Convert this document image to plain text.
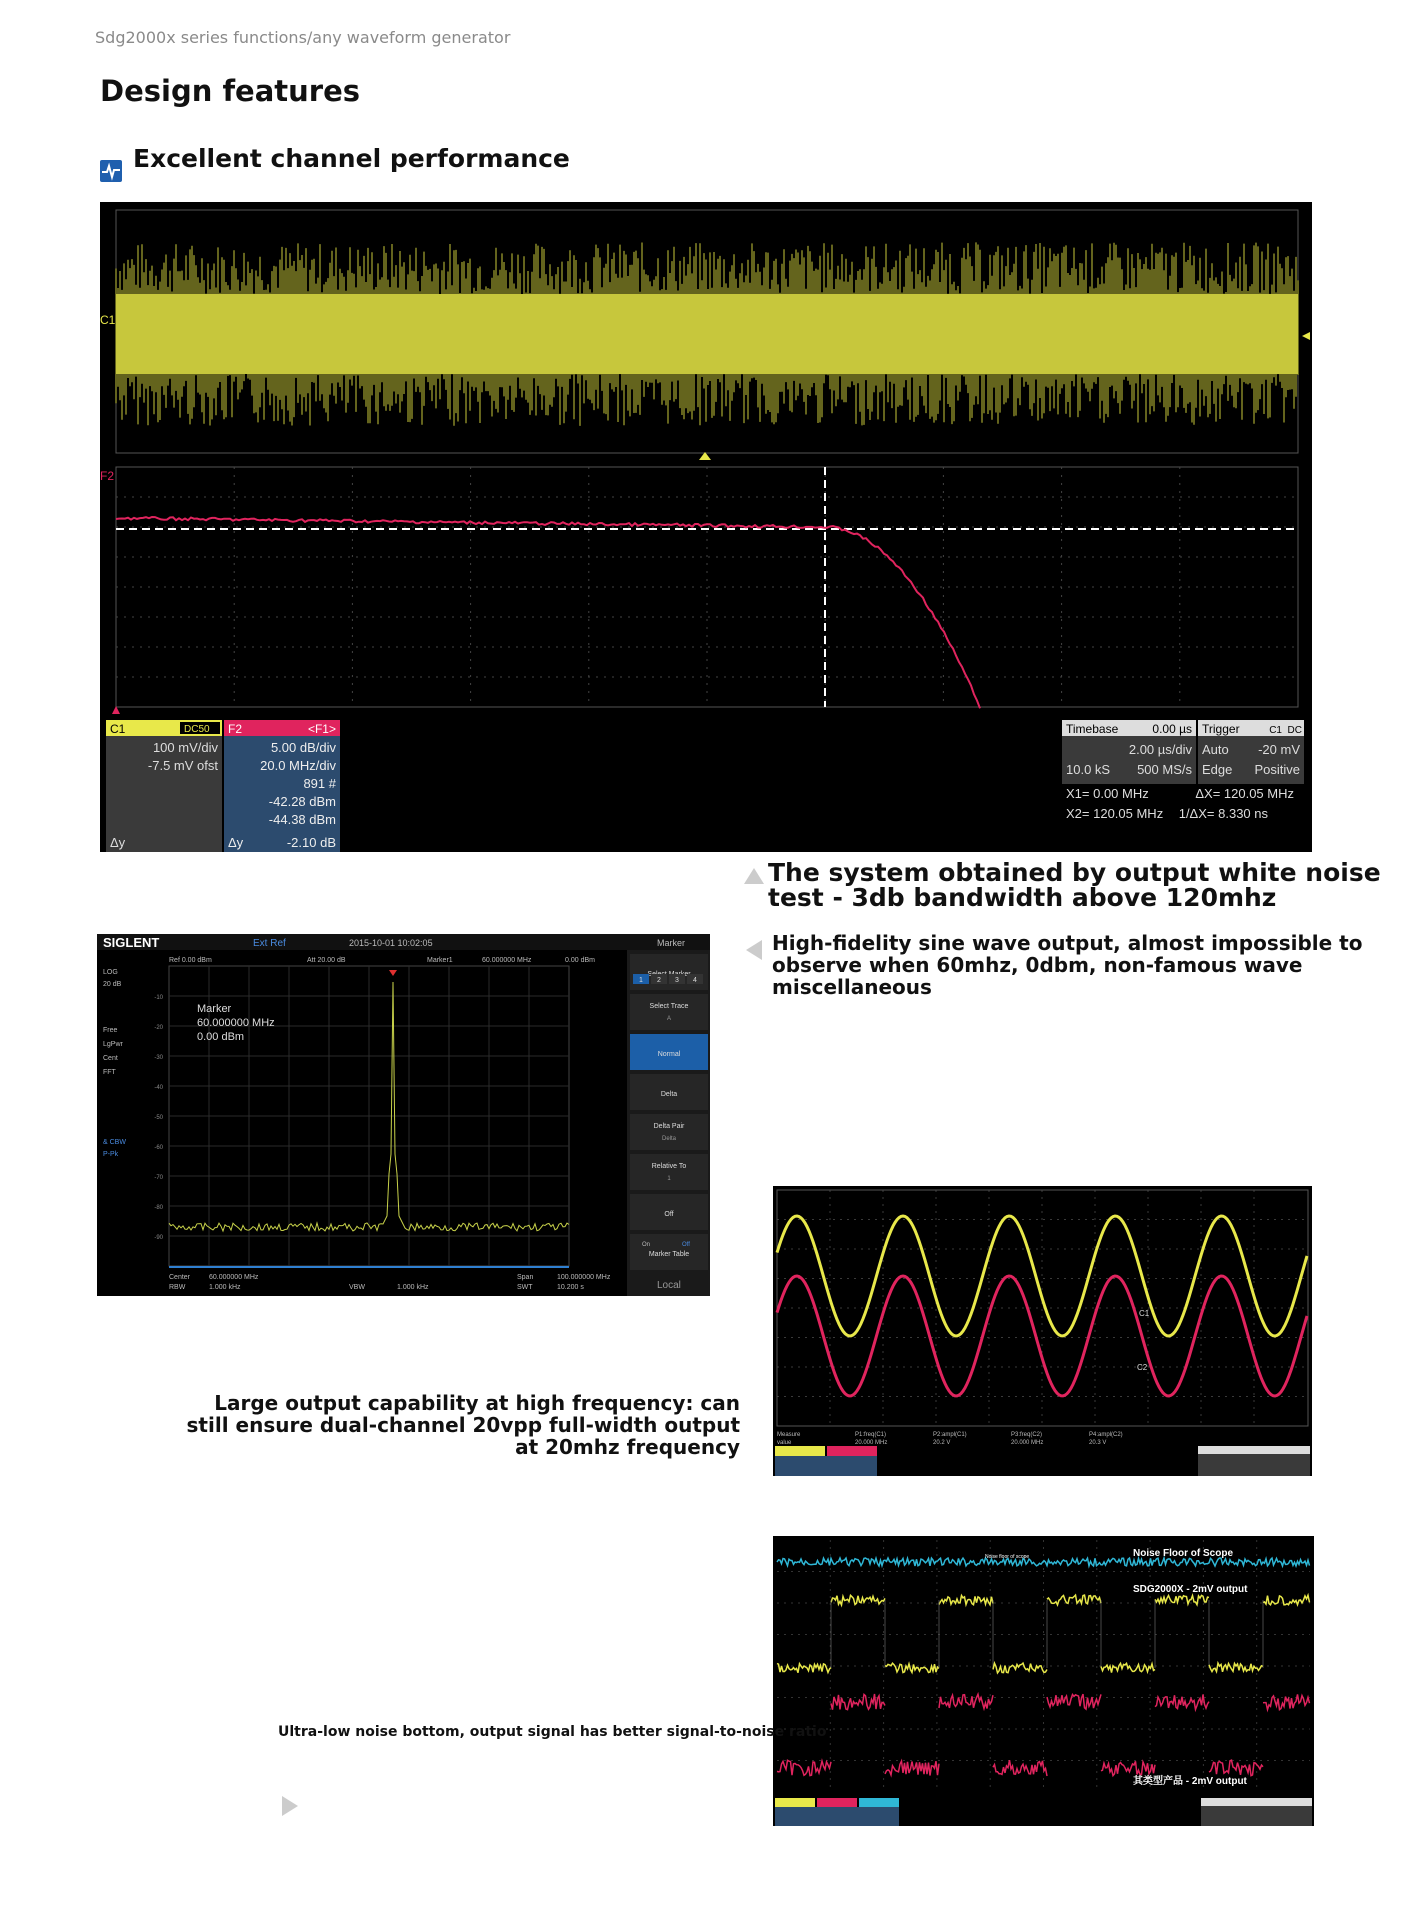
Sdg2000x series functions/any waveform generator
Design features
Excellent channel performance
C1
F2
C1	DC50
100 mV/div
-7.5 mV ofst
Δy
F2	<F1>
5.00 dB/div
20.0 MHz/div
891 #
-42.28 dBm
-44.38 dBm
Δy	-2.10 dB
Timebase	0.00 µs
2.00 µs/div
10.0 kS 500 MS/s
Trigger	C1 DC
Auto -20 mV
Edge Positive
X1= 0.00 MHz	ΔX= 120.05 MHz
X2= 120.05 MHz 1/ΔX= 8.330 ns
The system obtained by output white noise test - 3db bandwidth above 120mhz
High-fidelity sine wave output, almost impossible to observe when 60mhz, 0dbm, non-famous wave miscellaneous
SIGLENT	Ext Ref	2015-10-01 10:02:05	Marker
Ref 0.00 dBm	Att 20.00 dB	Marker1	60.000000 MHz	0.00 dBm
LOG
20 dB
Free
LgPwr
Cent
FFT
& CBW
P-Pk
-10
-20
-30
-40
-50
-60
-70
-80
-90
Marker
60.000000 MHz
0.00 dBm
Center	60.000000 MHz
RBW	1.000 kHz	VBW	1.000 kHz
Span	100.000000 MHz
SWT	10.200 s
Select Trace
A
Normal
Delta
Delta Pair
Delta
Relative To
1
Off
Marker Table
1 2 3 4
On	Off
Local
C1
C2
Measure
value
P1:freq(C1)
20.000 MHz
P2:ampl(C1)
20.2 V
P3:freq(C2)
20.000 MHz
P4:ampl(C2)
20.3 V
Large output capability at high frequency: can still ensure dual-channel 20vpp full-width output at 20mhz frequency
Noise Floor of Scope
Noise floor of scope
SDG2000X - 2mV output
其类型产品 - 2mV output
Ultra-low noise bottom, output signal has better signal-to-noise ratio
